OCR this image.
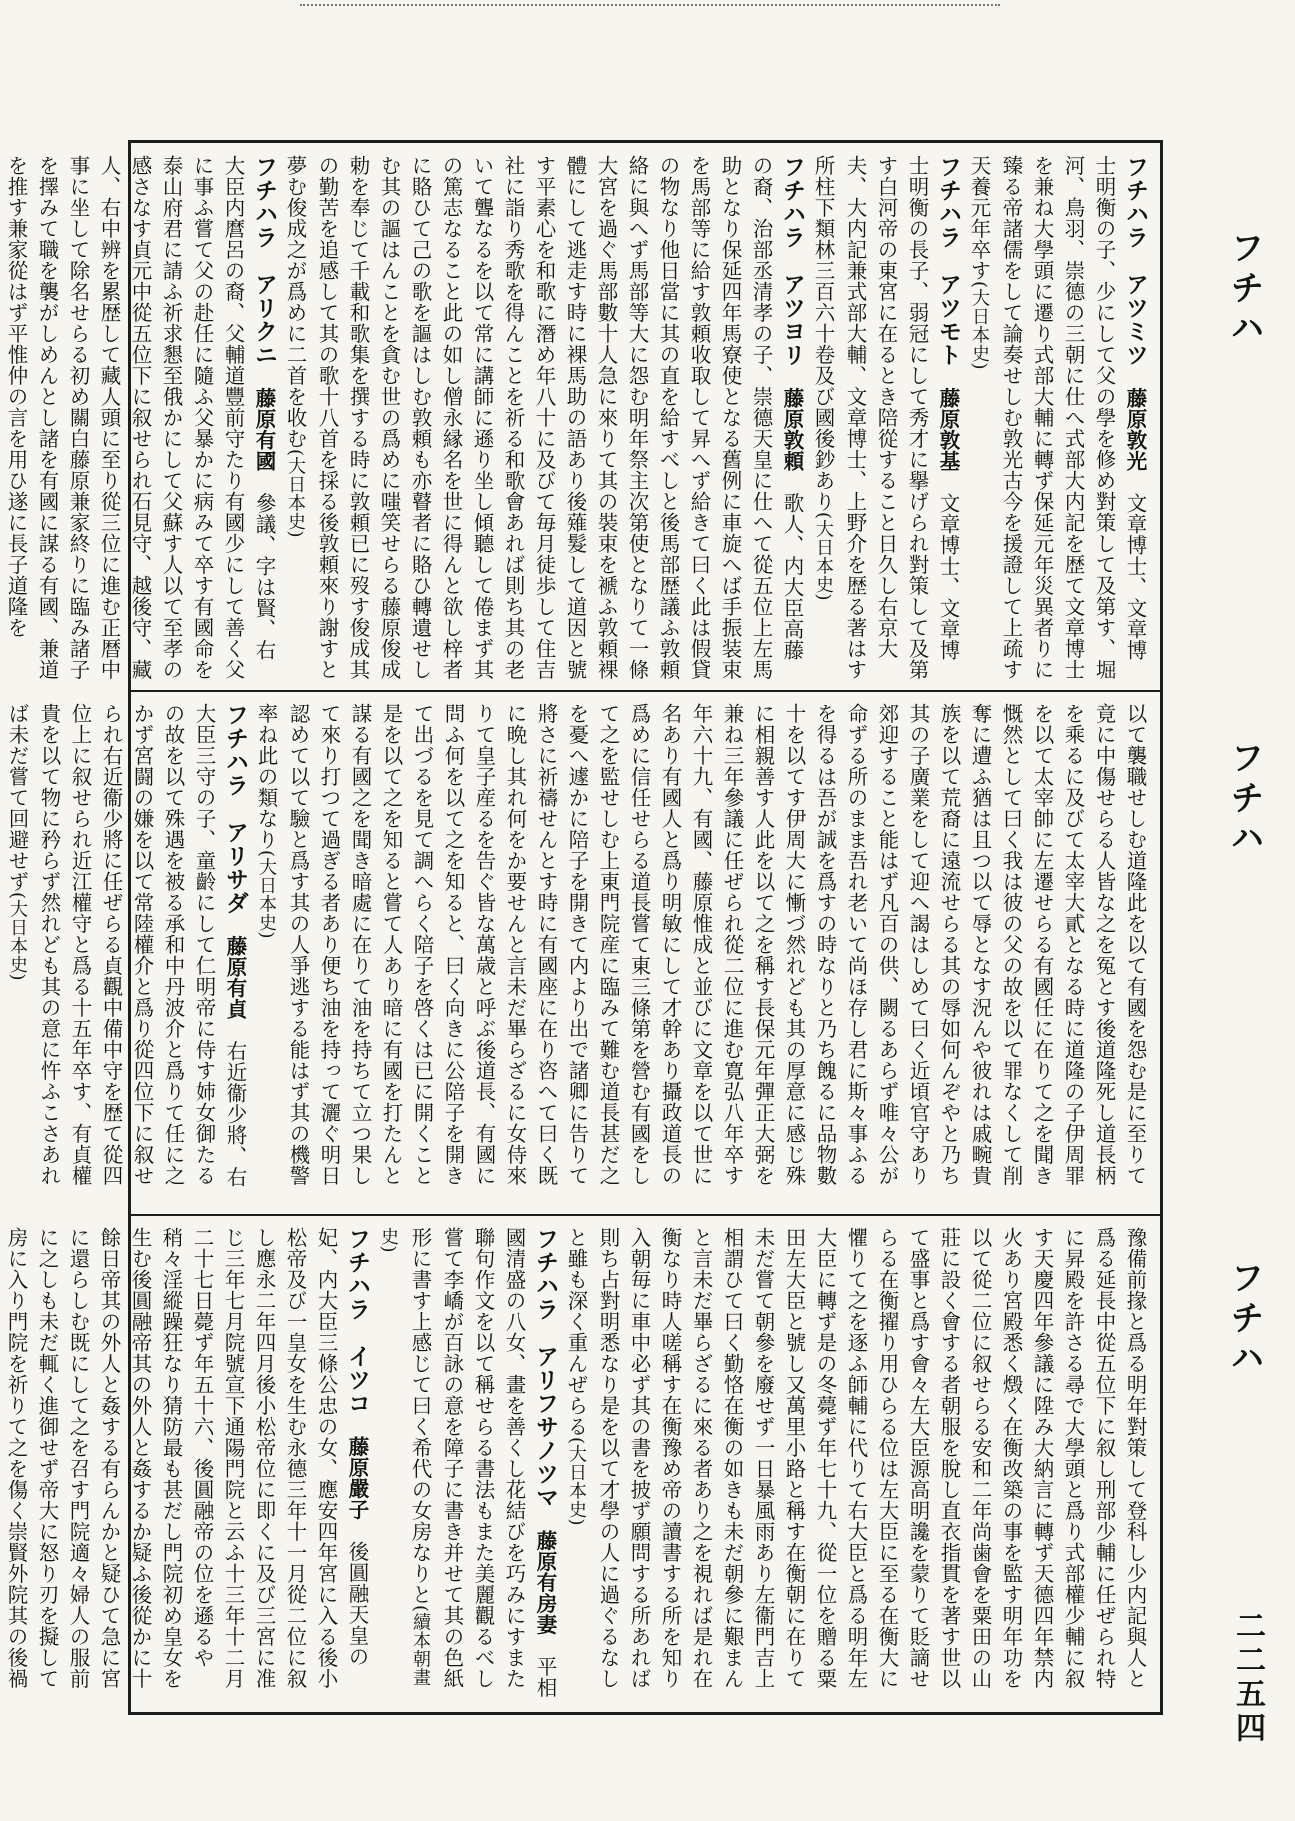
フチハ
フチハ
フチハ
二二五四
フチハラ　アツミツ　藤原敦光　文章博士、文章博士明衡の子、少にして父の學を修め對策して及第す、堀河、鳥羽、崇德の三朝に仕へ式部大内記を歴て文章博士を兼ね大學頭に遷り式部大輔に轉ず保延元年災異者りに臻る帝諸儒をして論奏せしむ敦光古今を援證して上疏す天養元年卒す(大日本史)
フチハラ　アツモト　藤原敦基　文章博士、文章博士明衡の長子、弱冠にして秀才に擧げられ對策して及第す白河帝の東宮に在るとき陪從すること日久し右京大夫、大内記兼式部大輔、文章博士、上野介を歴る著はす所柱下類林三百六十卷及び國後鈔あり(大日本史)
フチハラ　アツヨリ　藤原敦頼　歌人、内大臣高藤の裔、治部丞清孝の子、崇德天皇に仕へて從五位上左馬助となり保延四年馬寮使となる舊例に車旋へば手振装束を馬部等に給す敦頼收取して昇へず給きて曰く此は假貸の物なり他日當に其の直を給すべしと後馬部歴議ふ敦頼絡に與へず馬部等大に怨む明年祭主次第使となりて一條大宮を過ぐ馬部數十人急に來りて其の裝束を褫ふ敦頼裸體にして逃走す時に裸馬助の語あり後薙髮して道因と號す平素心を和歌に潛め年八十に及びて毎月徒歩して住吉社に詣り秀歌を得んことを祈る和歌會あれば則ち其の老いて聾なるを以て常に講師に遜り坐し傾聽して倦まず其の篤志なること此の如し僧永縁名を世に得んと欲し梓者に賂ひて己の歌を謳はしむ敦頼も亦瞽者に賂ひ轉遺せしむ其の謳はんことを貪む世の爲めに嗤笑せらる藤原俊成勅を奉じて千載和歌集を撰する時に敦頼已に歿す俊成其の勤苦を追感して其の歌十八首を採る後敦頼來り謝すと夢む俊成之が爲めに二首を收む(大日本史)
フチハラ　アリクニ　藤原有國　參議、字は賢、右大臣内麿呂の裔、父輔道豐前守たり有國少にして善く父に事ふ嘗て父の赴任に隨ふ父暴かに病みて卒す有國命を泰山府君に請ふ祈求懇至俄かにして父蘇す人以て至孝の感さなす貞元中從五位下に叙せられ石見守、越後守、藏人、右中辨を累歴して藏人頭に至り從三位に進む正暦中事に坐して除名せらる初め關白藤原兼家終りに臨み諸子を擇みて職を襲がしめんとし諸を有國に謀る有國、兼道を推す兼家從はず平惟仲の言を用ひ遂に長子道隆を
以て襲職せしむ道隆此を以て有國を怨む是に至りて竟に中傷せらる人皆な之を冤とす後道隆死し道長柄を乘るに及びて太宰大貳となる時に道隆の子伊周罪を以て太宰帥に左遷せらる有國任に在りて之を聞き慨然として曰く我は彼の父の故を以て罪なくして削奪に遭ふ猶は且つ以て辱となす況んや彼れは戚畹貴族を以て荒裔に遠流せらる其の辱如何んぞやと乃ち其の子廣業をして迎へ謁はしめて曰く近頃官守あり郊迎すること能はず凡百の供、闕るあらず唯々公が命ずる所のまま吾れ老いて尚ほ存し君に斯々事ふるを得るは吾が誠を爲すの時なりと乃ち餽るに品物數十を以てす伊周大に慚づ然れども其の厚意に感じ殊に相親善す人此を以て之を稱す長保元年彈正大弼を兼ね三年參議に任ぜられ從二位に進む寛弘八年卒す年六十九、有國、藤原惟成と並びに文章を以て世に名あり有國人と爲り明敏にして才幹あり攝政道長の爲めに信任せらる道長嘗て東三條第を營む有國をして之を監せしむ上東門院産に臨みて難む道長甚だ之を憂へ遽かに陪子を開きて内より出で諸卿に告りて將さに祈禱せんとす時に有國座に在り咨へて曰く既に晩し其れ何をか要せんと言未だ畢らざるに女侍來りて皇子産るを告ぐ皆な萬歳と呼ぶ後道長、有國に問ふ何を以て之を知ると、曰く向きに公陪子を開きて出づるを見て調へらく陪子を啓くは已に開くこと是を以て之を知ると嘗て人あり暗に有國を打たんと謀る有國之を聞き暗處に在りて油を持ちて立つ果して來り打つて過ぎる者あり便ち油を持って灑ぐ明日認めて以て驗と爲す其の人爭逃する能はず其の機警率ね此の類なり(大日本史)
フチハラ　アリサダ　藤原有貞　右近衞少將、右大臣三守の子、童齡にして仁明帝に侍す姉女御たるの故を以て殊遇を被る承和中丹波介と爲りて任に之かず宮闘の嫌を以て常陸權介と爲り從四位下に叙せられ右近衞少將に任ぜらる貞觀中備中守を歴て從四位上に叙せられ近江權守と爲る十五年卒す、有貞權貴を以て物に矜らず然れども其の意に忤ふこさあれば未だ嘗て回避せず(大日本史)

豫備前掾と爲る明年對策して登科し少内記與人と爲る延長中從五位下に叙し刑部少輔に任ぜられ特に昇殿を許さる尋で大學頭と爲り式部權少輔に叙す天慶四年參議に陞み大納言に轉ず天德四年禁内火あり宮殿悉く燬く在衡改築の事を監す明年功を以て從二位に叙せらる安和二年尚歯會を粟田の山莊に設く會する者朝服を脫し直衣指貫を著す世以て盛事と爲す會々左大臣源高明讒を蒙りて貶謫せらる在衡擢り用ひらる位は左大臣に至る在衡大に懼りて之を逐ふ師輔に代りて右大臣と爲る明年左大臣に轉ず是の冬薨ず年七十九、從一位を贈る粟田左大臣と號し又萬里小路と稱す在衡朝に在りて未だ嘗て朝參を廢せず一日暴風雨あり左衞門吉上相謂ひて曰く勤恪在衡の如きも未だ朝參に艱まんと言未だ畢らざるに來る者あり之を視れば是れ在衡なり時人嗟稱す在衡豫め帝の讀書する所を知り入朝毎に車中必ず其の書を披ず願問する所あれば則ち占對明悉なり是を以て才學の人に過ぐるなしと雖も深く重んぜらる(大日本史)
フチハラ　アリフサノツマ　藤原有房妻　平相國清盛の八女、畫を善くし花結びを巧みにすまた聯句作文を以て稱せらる書法もまた美麗觀るべし嘗て李嶠が百詠の意を障子に書き并せて其の色紙形に書す上感じて曰く希代の女房なりと(續本朝畫史)
フチハラ　イツコ　藤原嚴子　後圓融天皇の妃、内大臣三條公忠の女、應安四年宮に入る後小松帝及び一皇女を生む永德三年十一月從二位に叙し應永二年四月後小松帝位に即くに及び三宮に准じ三年七月院號宣下通陽門院と云ふ十三年十二月二十七日薨ず年五十六、後圓融帝の位を遜るや稍々淫縱躁狂なり猜防最も甚だし門院初め皇女を生む後圓融帝其の外人と姦するか疑ふ後從かに十餘日帝其の外人と姦する有らんかと疑ひて急に宮に還らしむ既にして之を召す門院適々婦人の服前に之しも未だ輒く進御せず帝大に怒り刃を擬して房に入り門院を祈りて之を傷く崇賢外院其の後禍
